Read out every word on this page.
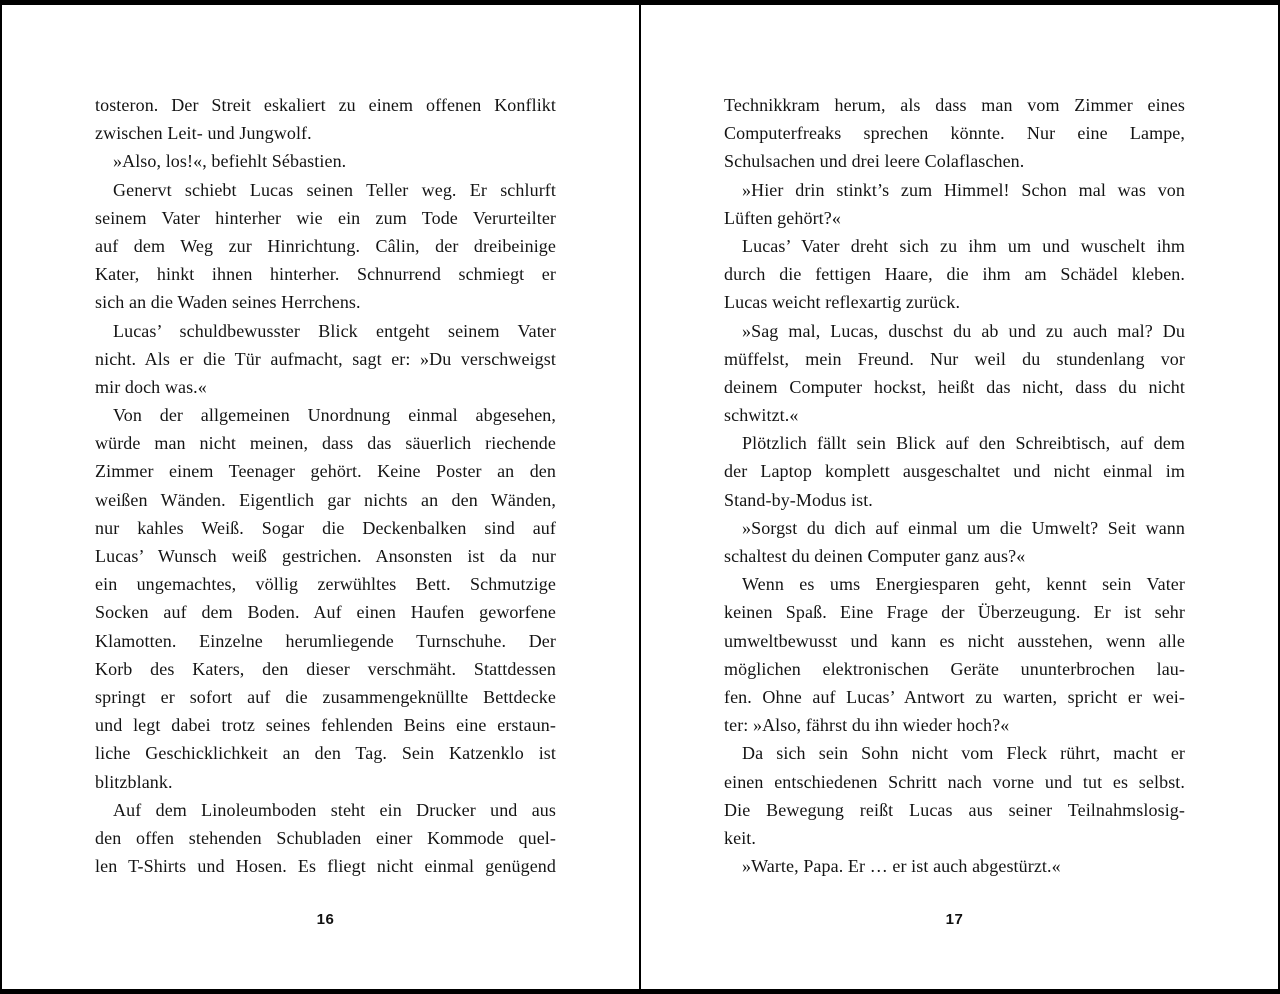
tosteron. Der Streit eskaliert zu einem offenen Konflikt
zwischen Leit- und Jungwolf.
»Also, los!«, befiehlt Sébastien.
Genervt schiebt Lucas seinen Teller weg. Er schlurft
seinem Vater hinterher wie ein zum Tode Verurteilter
auf dem Weg zur Hinrichtung. Câlin, der dreibeinige
Kater, hinkt ihnen hinterher. Schnurrend schmiegt er
sich an die Waden seines Herrchens.
Lucas’ schuldbewusster Blick entgeht seinem Vater
nicht. Als er die Tür aufmacht, sagt er: »Du verschweigst
mir doch was.«
Von der allgemeinen Unordnung einmal abgesehen,
würde man nicht meinen, dass das säuerlich riechende
Zimmer einem Teenager gehört. Keine Poster an den
weißen Wänden. Eigentlich gar nichts an den Wänden,
nur kahles Weiß. Sogar die Deckenbalken sind auf
Lucas’ Wunsch weiß gestrichen. Ansonsten ist da nur
ein ungemachtes, völlig zerwühltes Bett. Schmutzige
Socken auf dem Boden. Auf einen Haufen geworfene
Klamotten. Einzelne herumliegende Turnschuhe. Der
Korb des Katers, den dieser verschmäht. Stattdessen
springt er sofort auf die zusammengeknüllte Bettdecke
und legt dabei trotz seines fehlenden Beins eine erstaun-
liche Geschicklichkeit an den Tag. Sein Katzenklo ist
blitzblank.
Auf dem Linoleumboden steht ein Drucker und aus
den offen stehenden Schubladen einer Kommode quel-
len T-Shirts und Hosen. Es fliegt nicht einmal genügend
Technikkram herum, als dass man vom Zimmer eines
Computerfreaks sprechen könnte. Nur eine Lampe,
Schulsachen und drei leere Colaflaschen.
»Hier drin stinkt’s zum Himmel! Schon mal was von
Lüften gehört?«
Lucas’ Vater dreht sich zu ihm um und wuschelt ihm
durch die fettigen Haare, die ihm am Schädel kleben.
Lucas weicht reflexartig zurück.
»Sag mal, Lucas, duschst du ab und zu auch mal? Du
müffelst, mein Freund. Nur weil du stundenlang vor
deinem Computer hockst, heißt das nicht, dass du nicht
schwitzt.«
Plötzlich fällt sein Blick auf den Schreibtisch, auf dem
der Laptop komplett ausgeschaltet und nicht einmal im
Stand-by-Modus ist.
»Sorgst du dich auf einmal um die Umwelt? Seit wann
schaltest du deinen Computer ganz aus?«
Wenn es ums Energiesparen geht, kennt sein Vater
keinen Spaß. Eine Frage der Überzeugung. Er ist sehr
umweltbewusst und kann es nicht ausstehen, wenn alle
möglichen elektronischen Geräte ununterbrochen lau-
fen. Ohne auf Lucas’ Antwort zu warten, spricht er wei-
ter: »Also, fährst du ihn wieder hoch?«
Da sich sein Sohn nicht vom Fleck rührt, macht er
einen entschiedenen Schritt nach vorne und tut es selbst.
Die Bewegung reißt Lucas aus seiner Teilnahmslosig-
keit.
»Warte, Papa. Er … er ist auch abgestürzt.«
16	17
